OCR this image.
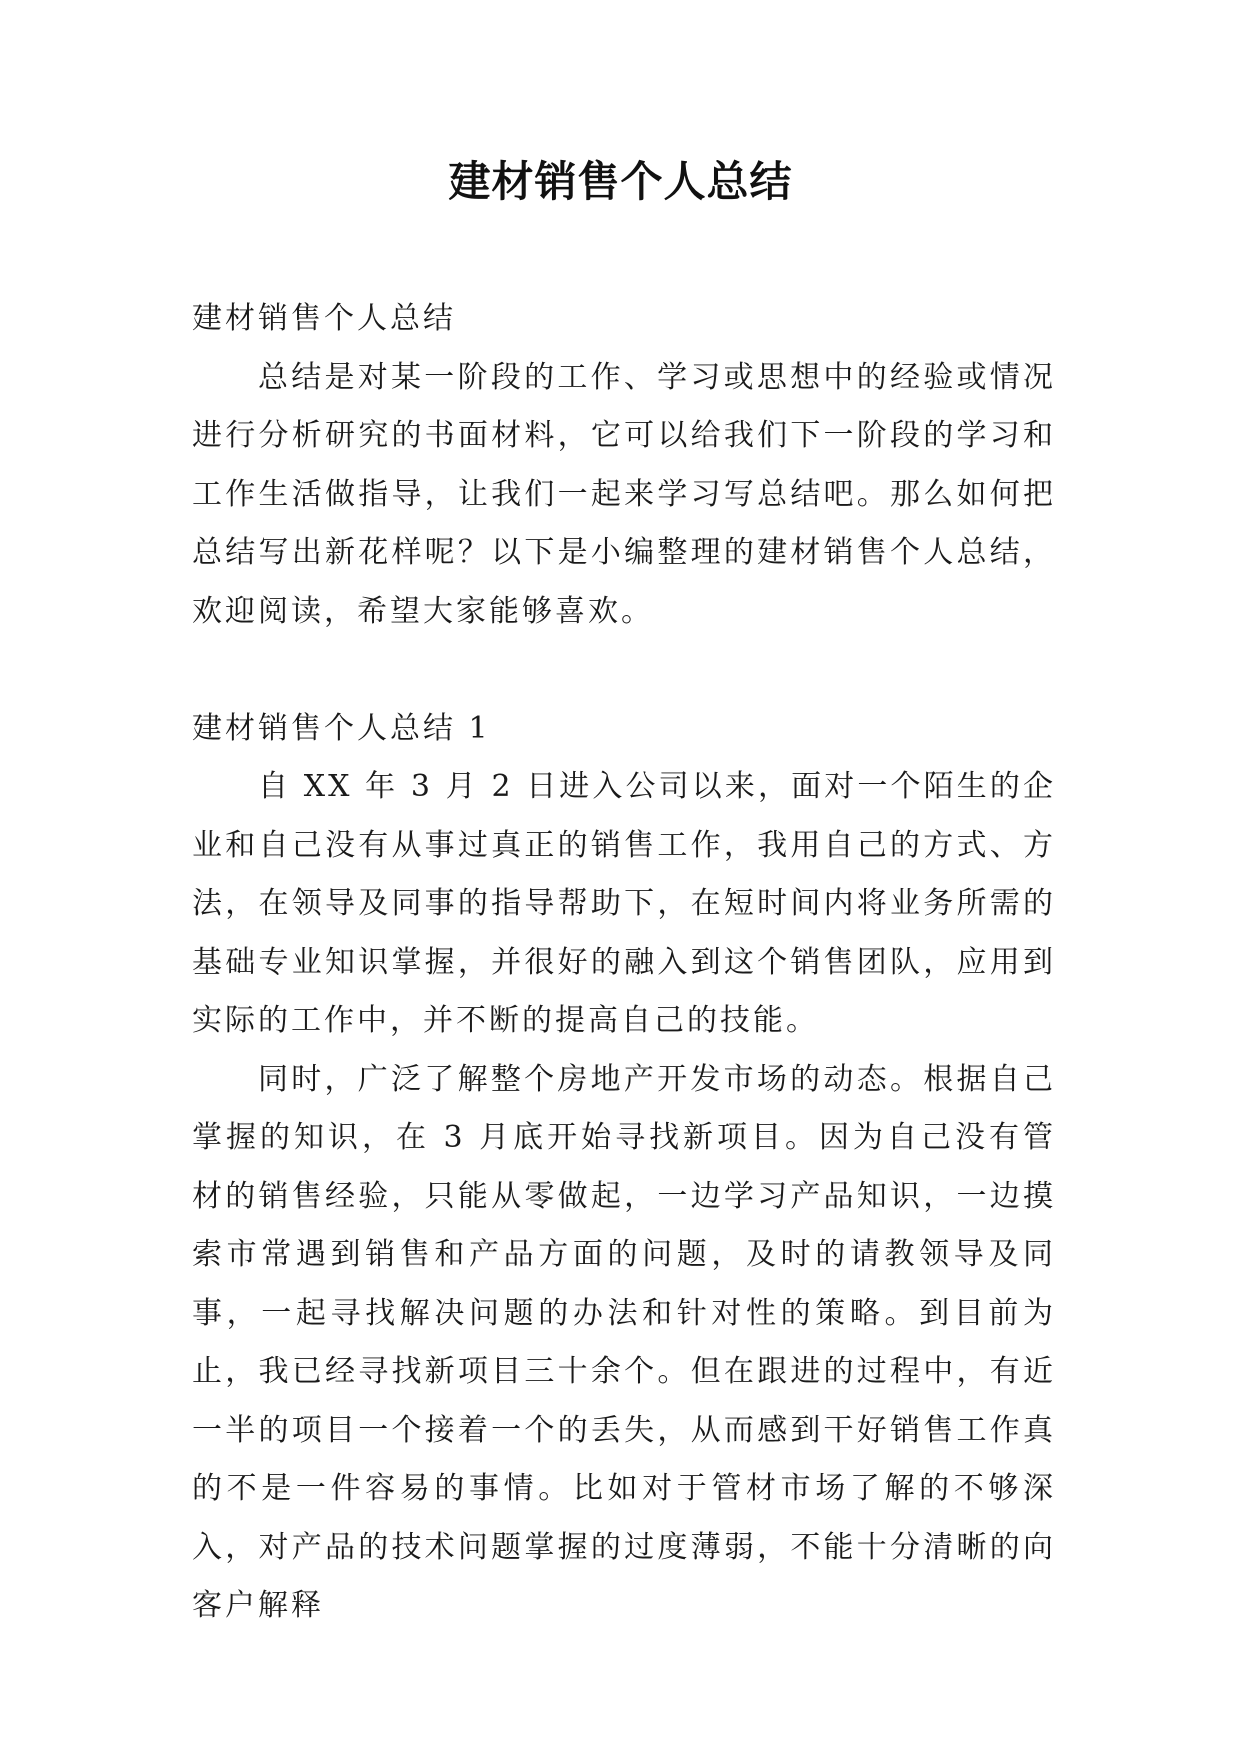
建材销售个人总结

建材销售个人总结

总结是对某一阶段的工作、学习或思想中的经验或情况进行分析研究的书面材料，它可以给我们下一阶段的学习和工作生活做指导，让我们一起来学习写总结吧。那么如何把总结写出新花样呢？以下是小编整理的建材销售个人总结，欢迎阅读，希望大家能够喜欢。

建材销售个人总结 1

自 XX 年 3 月 2 日进入公司以来，面对一个陌生的企业和自己没有从事过真正的销售工作，我用自己的方式、方法，在领导及同事的指导帮助下，在短时间内将业务所需的基础专业知识掌握，并很好的融入到这个销售团队，应用到实际的工作中，并不断的提高自己的技能。

同时，广泛了解整个房地产开发市场的动态。根据自己掌握的知识，在 3 月底开始寻找新项目。因为自己没有管材的销售经验，只能从零做起，一边学习产品知识，一边摸索市常遇到销售和产品方面的问题，及时的请教领导及同事，一起寻找解决问题的办法和针对性的策略。到目前为止，我已经寻找新项目三十余个。但在跟进的过程中，有近一半的项目一个接着一个的丢失，从而感到干好销售工作真的不是一件容易的事情。比如对于管材市场了解的不够深入，对产品的技术问题掌握的过度薄弱，不能十分清晰的向客户解释
